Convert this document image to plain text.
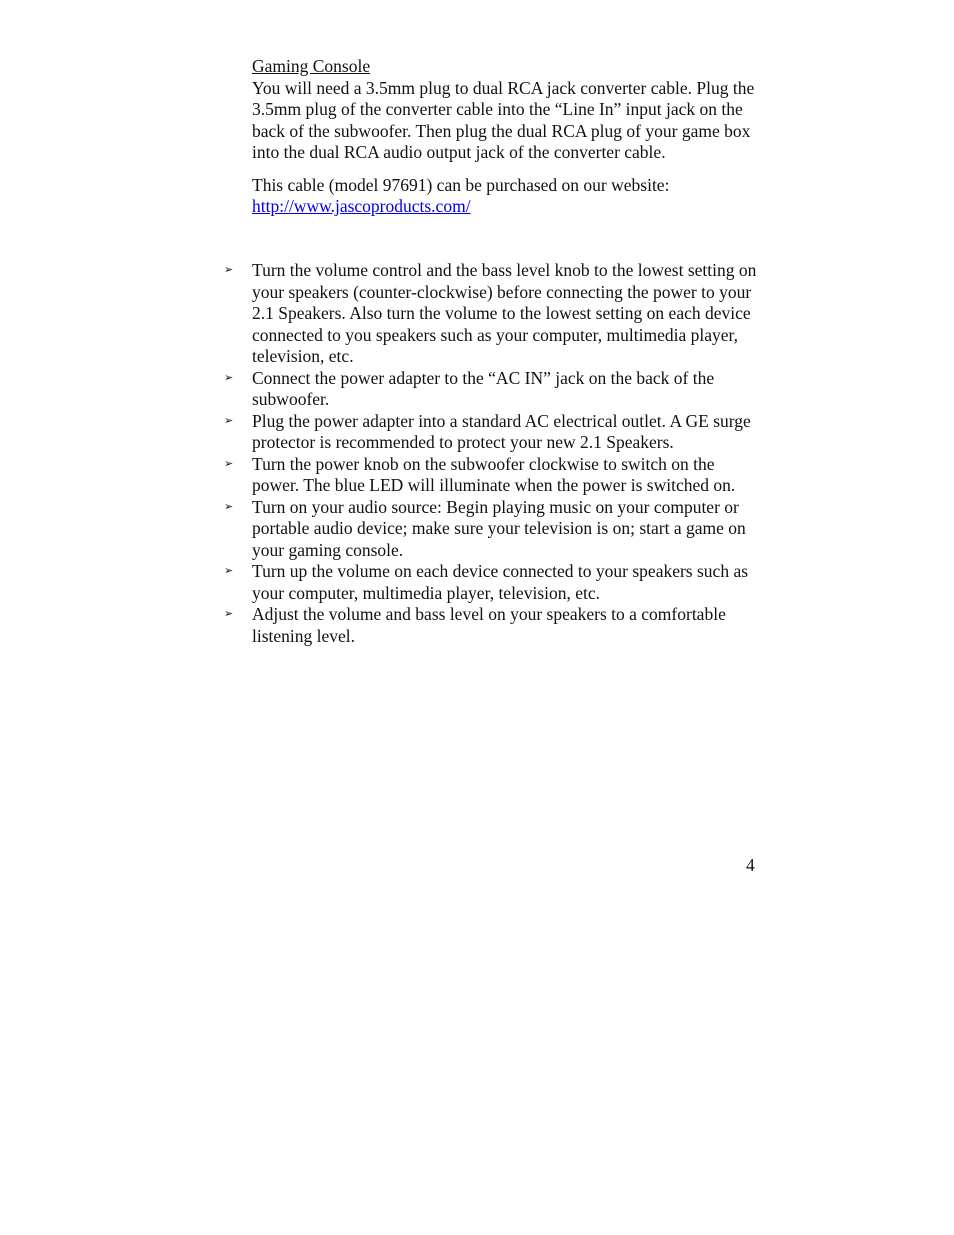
Gaming Console

You will need a 3.5mm plug to dual RCA jack converter cable. Plug the 3.5mm plug of the converter cable into the “Line In” input jack on the back of the subwoofer. Then plug the dual RCA plug of your game box into the dual RCA audio output jack of the converter cable.

This cable (model 97691) can be purchased on our website:
http://www.jascoproducts.com/

➢ Turn the volume control and the bass level knob to the lowest setting on your speakers (counter-clockwise) before connecting the power to your 2.1 Speakers. Also turn the volume to the lowest setting on each device connected to you speakers such as your computer, multimedia player, television, etc.
➢ Connect the power adapter to the “AC IN” jack on the back of the subwoofer.
➢ Plug the power adapter into a standard AC electrical outlet. A GE surge protector is recommended to protect your new 2.1 Speakers.
➢ Turn the power knob on the subwoofer clockwise to switch on the power. The blue LED will illuminate when the power is switched on.
➢ Turn on your audio source: Begin playing music on your computer or portable audio device; make sure your television is on; start a game on your gaming console.
➢ Turn up the volume on each device connected to your speakers such as your computer, multimedia player, television, etc.
➢ Adjust the volume and bass level on your speakers to a comfortable listening level.

4
